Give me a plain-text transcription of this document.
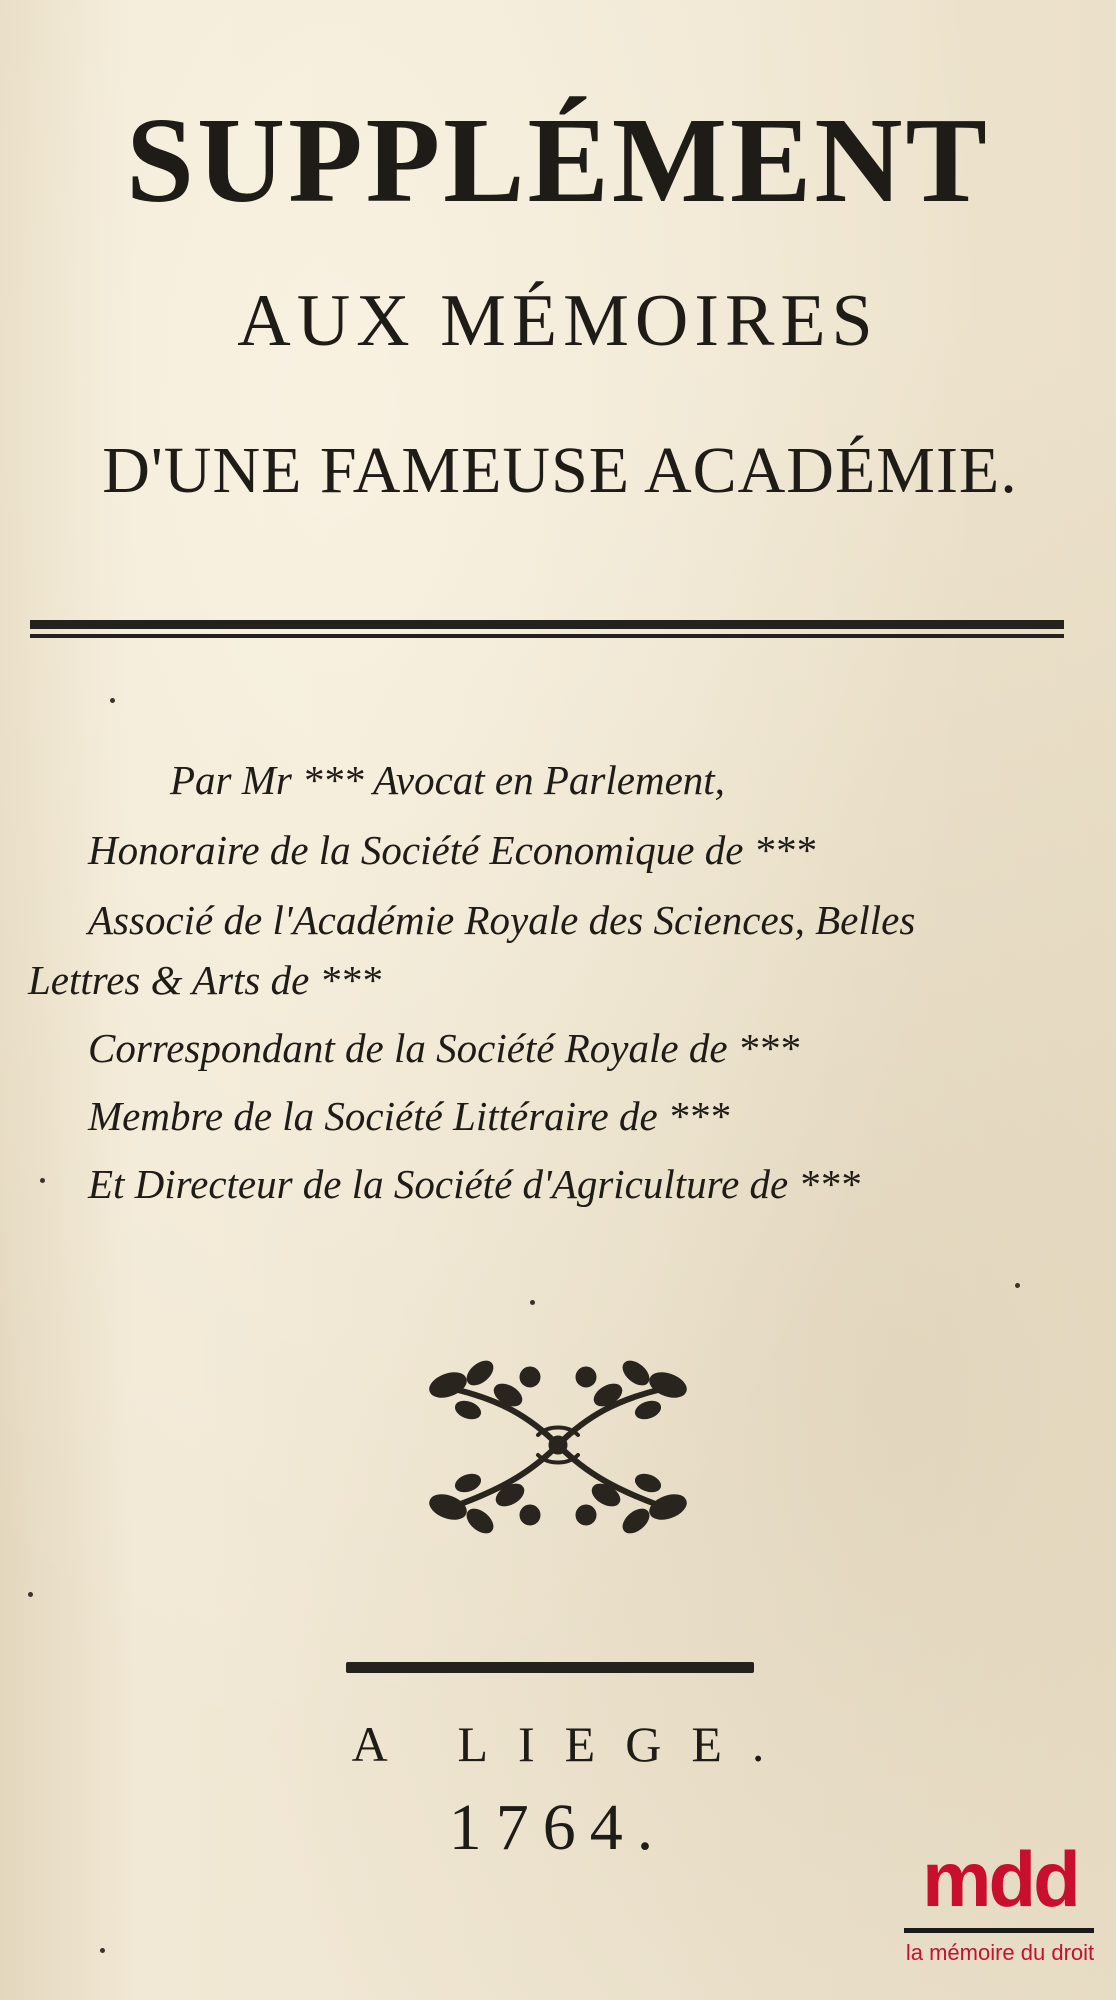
SUPPLÉMENT
AUX MÉMOIRES
D'UNE FAMEUSE ACADÉMIE.
Par Mr *** Avocat en Parlement,
Honoraire de la Société Economique de ***
Associé de l'Académie Royale des Sciences, Belles
Lettres & Arts de ***
Correspondant de la Société Royale de ***
Membre de la Société Littéraire de ***
Et Directeur de la Société d'Agriculture de ***
A LIEGE.
1764.
mdd
la mémoire du droit
